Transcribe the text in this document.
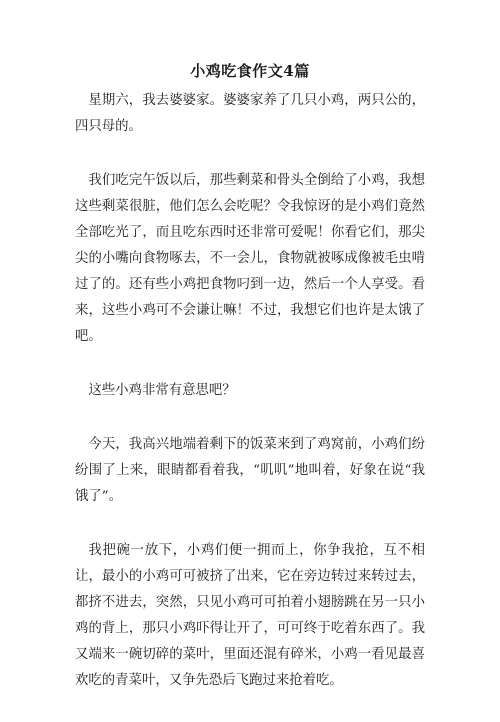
小鸡吃食作文4篇

星期六，我去婆婆家。婆婆家养了几只小鸡，两只公的，四只母的。

我们吃完午饭以后，那些剩菜和骨头全倒给了小鸡，我想这些剩菜很脏，他们怎么会吃呢？令我惊讶的是小鸡们竟然全部吃光了，而且吃东西时还非常可爱呢！你看它们，那尖尖的小嘴向食物啄去，不一会儿，食物就被啄成像被毛虫啃过了的。还有些小鸡把食物叼到一边，然后一个人享受。看来，这些小鸡可不会谦让嘛！不过，我想它们也许是太饿了吧。

这些小鸡非常有意思吧？

今天，我高兴地端着剩下的饭菜来到了鸡窝前，小鸡们纷纷围了上来，眼睛都看着我，“叽叽”地叫着，好象在说“我饿了”。

我把碗一放下，小鸡们便一拥而上，你争我抢，互不相让，最小的小鸡可可被挤了出来，它在旁边转过来转过去，都挤不进去，突然，只见小鸡可可拍着小翅膀跳在另一只小鸡的背上，那只小鸡吓得让开了，可可终于吃着东西了。我又端来一碗切碎的菜叶，里面还混有碎米，小鸡一看见最喜欢吃的青菜叶，又争先恐后飞跑过来抢着吃。
